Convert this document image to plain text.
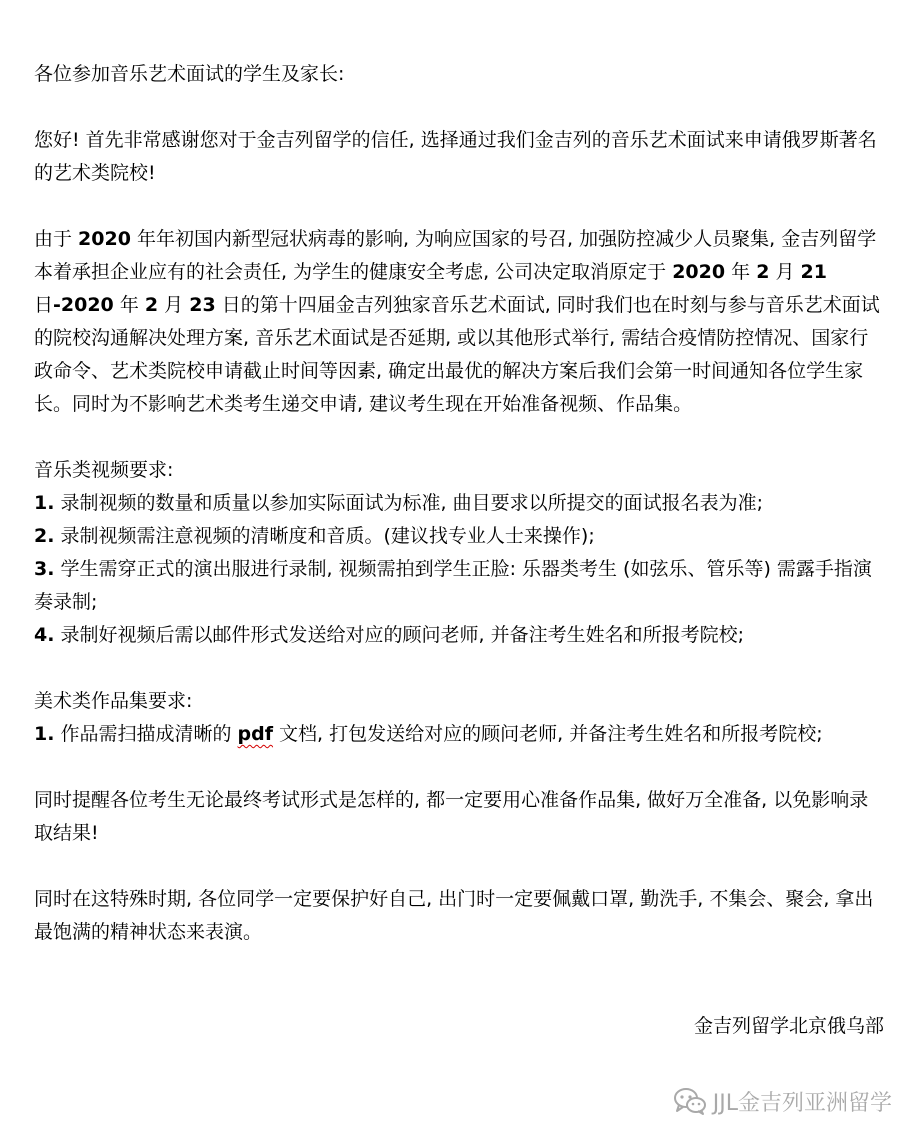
各位参加音乐艺术面试的学生及家长:

您好! 首先非常感谢您对于金吉列留学的信任, 选择通过我们金吉列的音乐艺术面试来申请俄罗斯著名的艺术类院校!

由于 2020 年年初国内新型冠状病毒的影响, 为响应国家的号召, 加强防控减少人员聚集, 金吉列留学本着承担企业应有的社会责任, 为学生的健康安全考虑, 公司决定取消原定于 2020 年 2 月 21 日-2020 年 2 月 23 日的第十四届金吉列独家音乐艺术面试, 同时我们也在时刻与参与音乐艺术面试的院校沟通解决处理方案, 音乐艺术面试是否延期, 或以其他形式举行, 需结合疫情防控情况、国家行政命令、艺术类院校申请截止时间等因素, 确定出最优的解决方案后我们会第一时间通知各位学生家长。同时为不影响艺术类考生递交申请, 建议考生现在开始准备视频、作品集。

音乐类视频要求:

1. 录制视频的数量和质量以参加实际面试为标准, 曲目要求以所提交的面试报名表为准;

2. 录制视频需注意视频的清晰度和音质。(建议找专业人士来操作);

3. 学生需穿正式的演出服进行录制, 视频需拍到学生正脸: 乐器类考生 (如弦乐、管乐等) 需露手指演奏录制;

4. 录制好视频后需以邮件形式发送给对应的顾问老师, 并备注考生姓名和所报考院校;

美术类作品集要求:

1. 作品需扫描成清晰的 pdf 文档, 打包发送给对应的顾问老师, 并备注考生姓名和所报考院校;

同时提醒各位考生无论最终考试形式是怎样的, 都一定要用心准备作品集, 做好万全准备, 以免影响录取结果!

同时在这特殊时期, 各位同学一定要保护好自己, 出门时一定要佩戴口罩, 勤洗手, 不集会、聚会, 拿出最饱满的精神状态来表演。

金吉列留学北京俄乌部
JJL金吉列亚洲留学
